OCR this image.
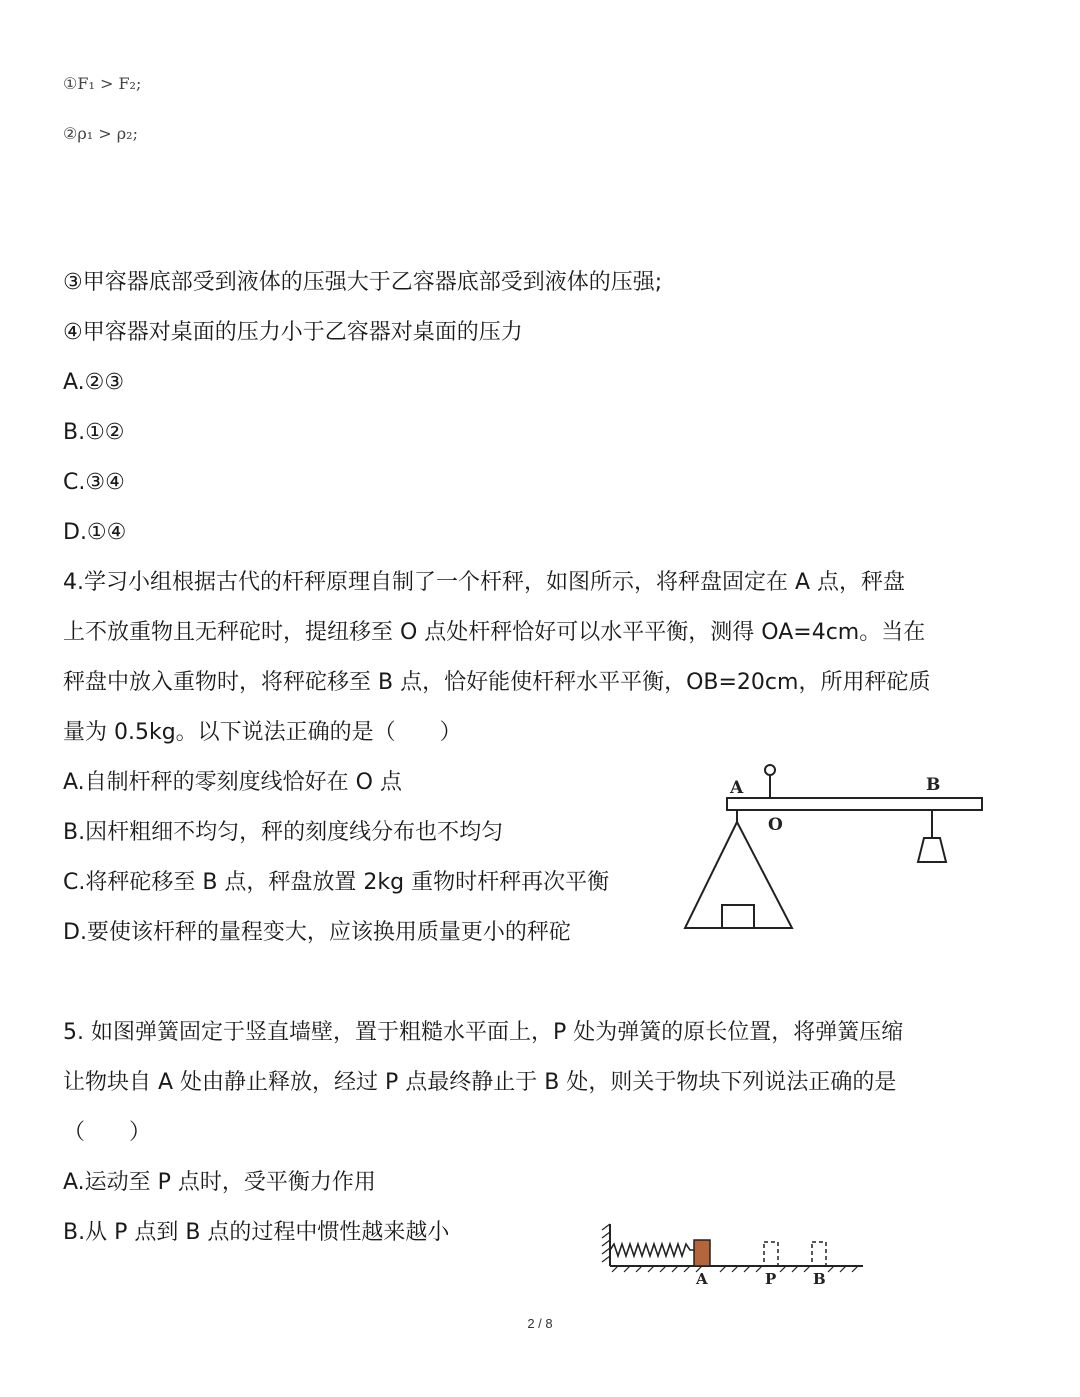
①F₁ > F₂;
②ρ₁ > ρ₂;
③甲容器底部受到液体的压强大于乙容器底部受到液体的压强;
④甲容器对桌面的压力小于乙容器对桌面的压力
A.②③
B.①②
C.③④
D.①④
4.学习小组根据古代的杆秤原理自制了一个杆秤，如图所示，将秤盘固定在 A 点，秤盘
上不放重物且无秤砣时，提纽移至 O 点处杆秤恰好可以水平平衡，测得 OA=4cm。当在
秤盘中放入重物时，将秤砣移至 B 点，恰好能使杆秤水平平衡，OB=20cm，所用秤砣质
量为 0.5kg。以下说法正确的是（　　）
A.自制杆秤的零刻度线恰好在 O 点
B.因杆粗细不均匀，秤的刻度线分布也不均匀
C.将秤砣移至 B 点，秤盘放置 2kg 重物时杆秤再次平衡
D.要使该杆秤的量程变大，应该换用质量更小的秤砣
A
O
B
5. 如图弹簧固定于竖直墙壁，置于粗糙水平面上，P 处为弹簧的原长位置，将弹簧压缩
让物块自 A 处由静止释放，经过 P 点最终静止于 B 处，则关于物块下列说法正确的是
（　　）
A.运动至 P 点时，受平衡力作用
B.从 P 点到 B 点的过程中惯性越来越小
A	P B
2 / 8
